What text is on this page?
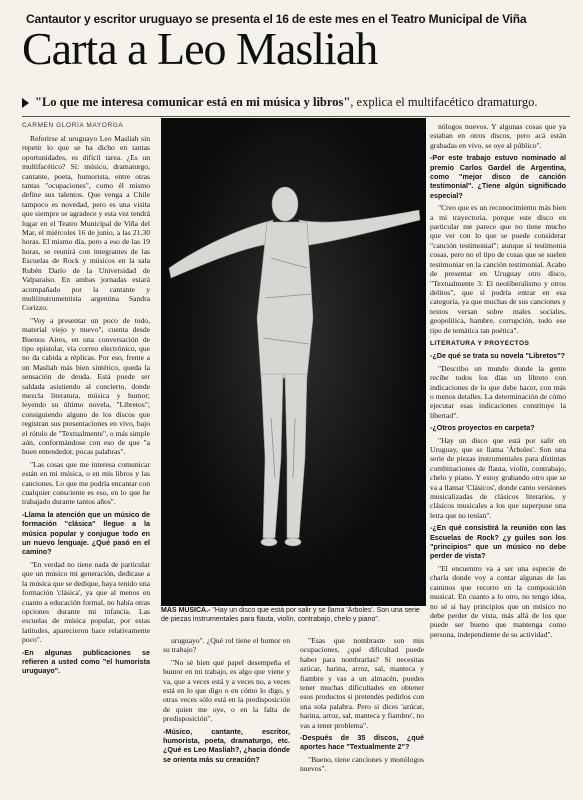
Cantautor y escritor uruguayo se presenta el 16 de este mes en el Teatro Municipal de Viña
Carta a Leo Masliah
"Lo que me interesa comunicar está en mi música y libros", explica el multifacético dramaturgo.
CARMEN GLORIA MAYORGA

Referirse al uruguayo Leo Masliah sin repetir lo que se ha dicho en tantas oportunidades, es difícil tarea. ¿Es un multifacético? Sí: músico, dramaturgo, cantante, poeta, humorista, entre otras tantas "ocupaciones", como él mismo define sus talentos. Que venga a Chile tampoco es novedad, pero es una visita que siempre se agradece y esta vez tendrá lugar en el Teatro Municipal de Viña del Mar, el miércoles 16 de junio, a las 21.30 horas. El mismo día, pero a eso de las 19 horas, se reunirá con integrantes de las Escuelas de Rock y músicos en la sala Rubén Darío de la Universidad de Valparaíso. En ambas jornadas estará acompañado por la cantante y multiinstrumentista argentina Sandra Corizzo.

"Voy a presentar un poco de todo, material viejo y nuevo", cuenta desde Buenos Aires, en una conversación de tipo epistolar, vía correo electrónico, que no da cabida a réplicas. Por eso, frente a un Masliah más bien sintético, queda la sensación de deuda. Está puede ser saldada asistiendo al concierto, donde mezcla literatura, música y humor; leyendo su último novela, "Libretos"; consiguiendo alguno de los discos que registran sus presentaciones en vivo, bajo el rótulo de "Textualmente", o más simple aún, conformándose con eso de que "a buen entendedor, pocas palabras".

"Las cosas que me interesa comunicar están en mi música, o en mis libros y las canciones. Lo que me podría encantar con cualquier consciente es eso, en lo que he trabajado durante tantos años".

-Llama la atención que un músico de formación "clásica" llegue a la música popular y conjugue todo en un nuevo lenguaje. ¿Qué pasó en el camino?

"En verdad no tiene nada de particular que un músico mi generación, dedicase a la música que se dedique, haya tenido una formación 'clásica', ya que al menos en cuanto a educación formal, no había otras opciones durante mi infancia. Las escuelas de música popular, por estas latitudes, aparecieron hace relativamente poco".

-En algunas publicaciones se refieren a usted como "el humorista uruguayo".

MÁS MÚSICA.- "Hay un disco que está por salir y se llama 'Árboles'. Son una serie de piezas instrumentales para flauta, violín, contrabajo, chelo y piano".

uruguayo". ¿Qué rol tiene el humor en su trabajo?

"No sé bien qué papel desempeña el humor en mi trabajo, es algo que viene y va, que a veces está y a veces no, a veces está en lo que digo o en cómo lo digo, y otras veces sólo está en la predisposición de quien me oye, o en la falta de predisposición".

-Músico, cantante, escritor, humorista, poeta, dramaturgo, etc. ¿Qué es Leo Masliah?, ¿hacia dónde se orienta más su creación?

"Esas que nombraste son mis ocupaciones, ¿qué dificultad puede haber para nombrarlas? Si necesitas azúcar, harina, arroz, sal, manteca y fiambre y vas a un almacén, puedes tener muchas dificultades en obtener esos productos si pretendes pedirlos con una sola palabra. Pero si dices 'azúcar, harina, arroz, sal, manteca y fiambre', no vas a tener problema".

-Después de 35 discos, ¿qué aportes hace "Textualmente 2"?

"Bueno, tiene canciones y monólogos nuevos".

nólogos nuevos. Y algunas cosas que ya estaban en otros discos, pero acá están grabadas en vivo, se oye al público".

-Por este trabajo estuvo nominado al premio Carlos Gardel de Argentina, como "mejor disco de canción testimonial". ¿Tiene algún significado especial?

"Creo que es un reconocimiento más bien a mi trayectoria, porque este disco en particular me parece que no tiene mucho que ver con lo que se puede considerar "canción testimonial"; aunque sí testimonia cosas, pero no el tipo de cosas que se suelen testimoniar en la canción testimonial. Acabo de presentar en Uruguay otro disco, "Textualmente 3: El neoliberalismo y otros delitos", que sí podría entrar en esa categoría, ya que muchas de sus canciones y textos versan sobre males sociales, geopolítica, hambre, corrupción, todo ese tipo de temática tan poética".

LITERATURA Y PROYECTOS

-¿De qué se trata su novela "Libretos"?

"Describo un mundo donde la gente recibe todos los días un libreto con indicaciones de lo que debe hacer, con más o menos detalles. La determinación de cómo ejecutar esas indicaciones constituye la libertad".

-¿Otros proyectos en carpeta?

"Hay un disco que está por salir en Uruguay, que se llama 'Árboles'. Son una serie de piezas instrumentales para distintas combinaciones de flauta, violín, contrabajo, chelo y piano. Y estoy grabando otro que se va a llamar 'Clásicos', donde canto versiones musicalizadas de clásicos literarios, y clásicos musicales a los que superpuse una letra que no tenían".

-¿En qué consistirá la reunión con las Escuelas de Rock? ¿y guiles son los "principios" que un músico no debe perder de vista?

"El encuentro va a ser una especie de charla donde voy a contar algunas de las caminos que recorro en la composición musical. En cuanto a lo otro, no tengo idea, no sé si hay principios que un músico no debe perder de vista, más allá de los que puede ser bueno que mantenga como persona, independiente de su actividad".
